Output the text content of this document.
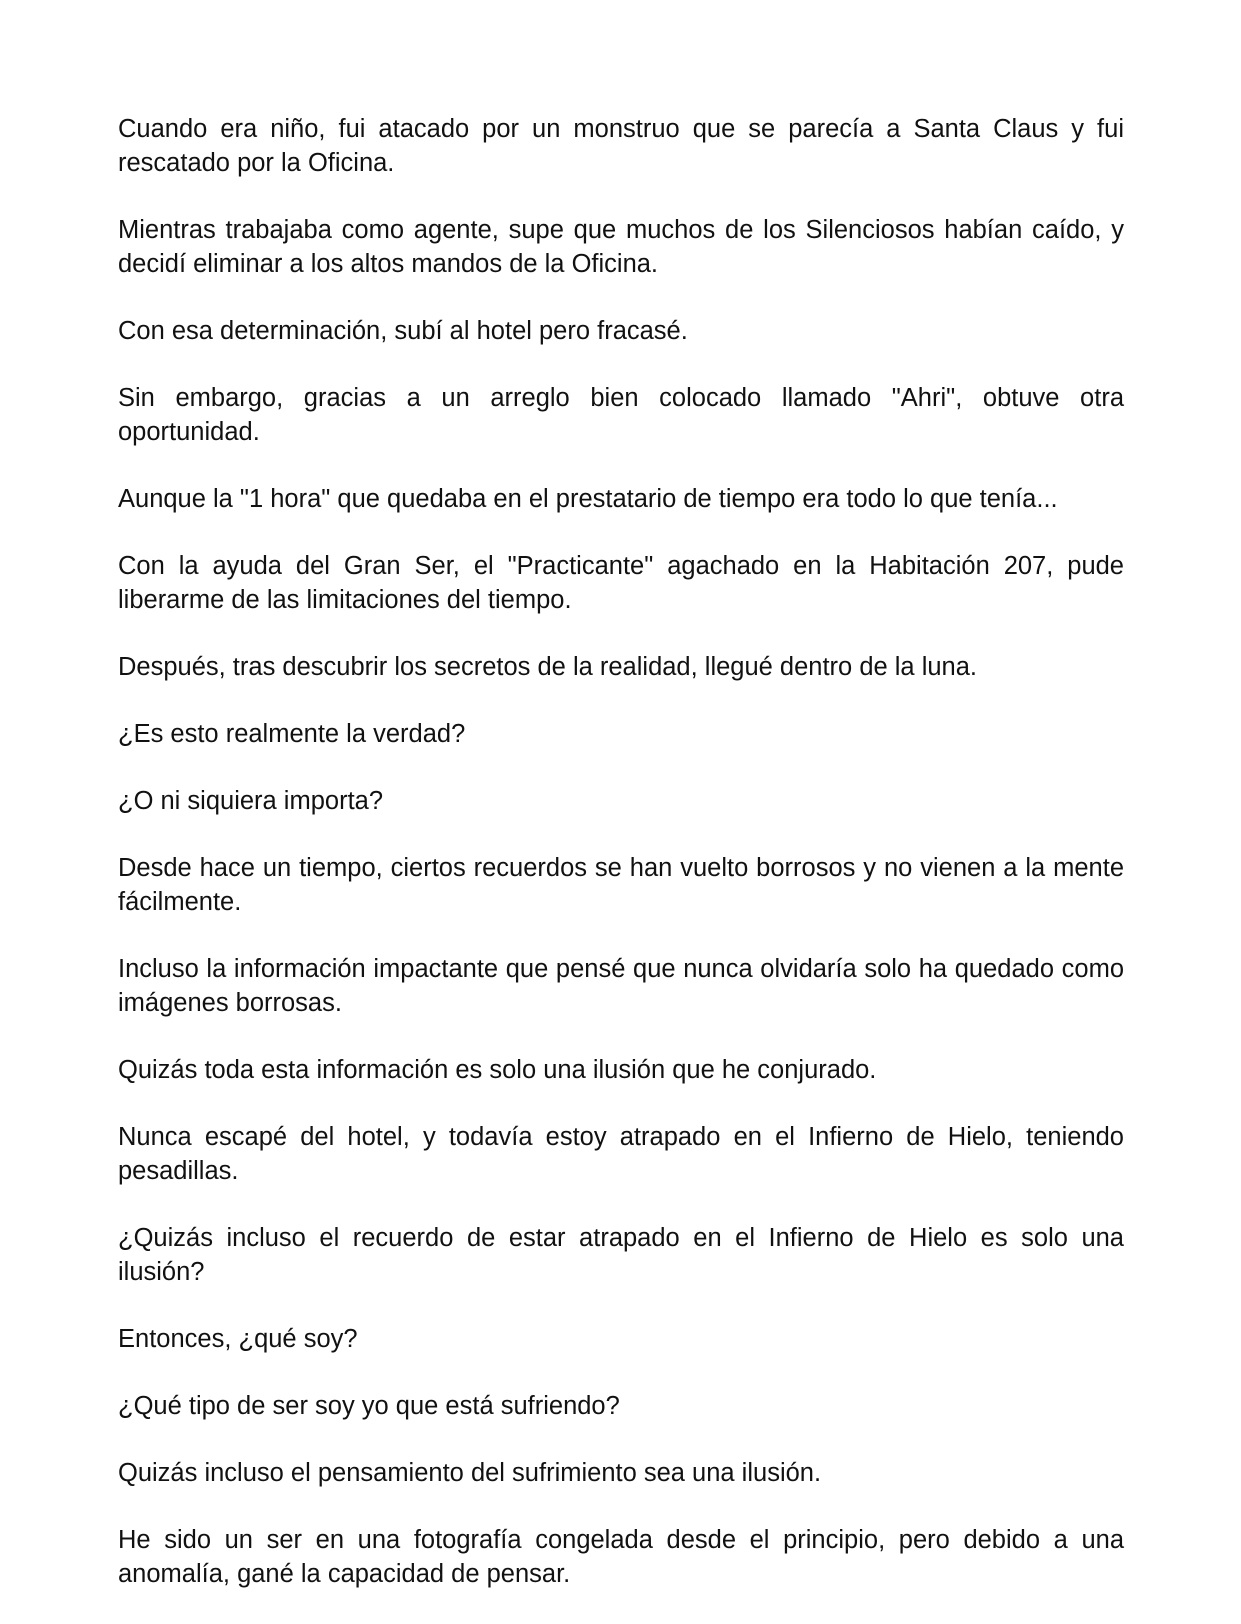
Cuando era niño, fui atacado por un monstruo que se parecía a Santa Claus y fui rescatado por la Oficina.

Mientras trabajaba como agente, supe que muchos de los Silenciosos habían caído, y decidí eliminar a los altos mandos de la Oficina.

Con esa determinación, subí al hotel pero fracasé.

Sin embargo, gracias a un arreglo bien colocado llamado "Ahri", obtuve otra oportunidad.

Aunque la "1 hora" que quedaba en el prestatario de tiempo era todo lo que tenía...

Con la ayuda del Gran Ser, el "Practicante" agachado en la Habitación 207, pude liberarme de las limitaciones del tiempo.

Después, tras descubrir los secretos de la realidad, llegué dentro de la luna.

¿Es esto realmente la verdad?

¿O ni siquiera importa?

Desde hace un tiempo, ciertos recuerdos se han vuelto borrosos y no vienen a la mente fácilmente.

Incluso la información impactante que pensé que nunca olvidaría solo ha quedado como imágenes borrosas.

Quizás toda esta información es solo una ilusión que he conjurado.

Nunca escapé del hotel, y todavía estoy atrapado en el Infierno de Hielo, teniendo pesadillas.

¿Quizás incluso el recuerdo de estar atrapado en el Infierno de Hielo es solo una ilusión?

Entonces, ¿qué soy?

¿Qué tipo de ser soy yo que está sufriendo?

Quizás incluso el pensamiento del sufrimiento sea una ilusión.

He sido un ser en una fotografía congelada desde el principio, pero debido a una anomalía, gané la capacidad de pensar.
